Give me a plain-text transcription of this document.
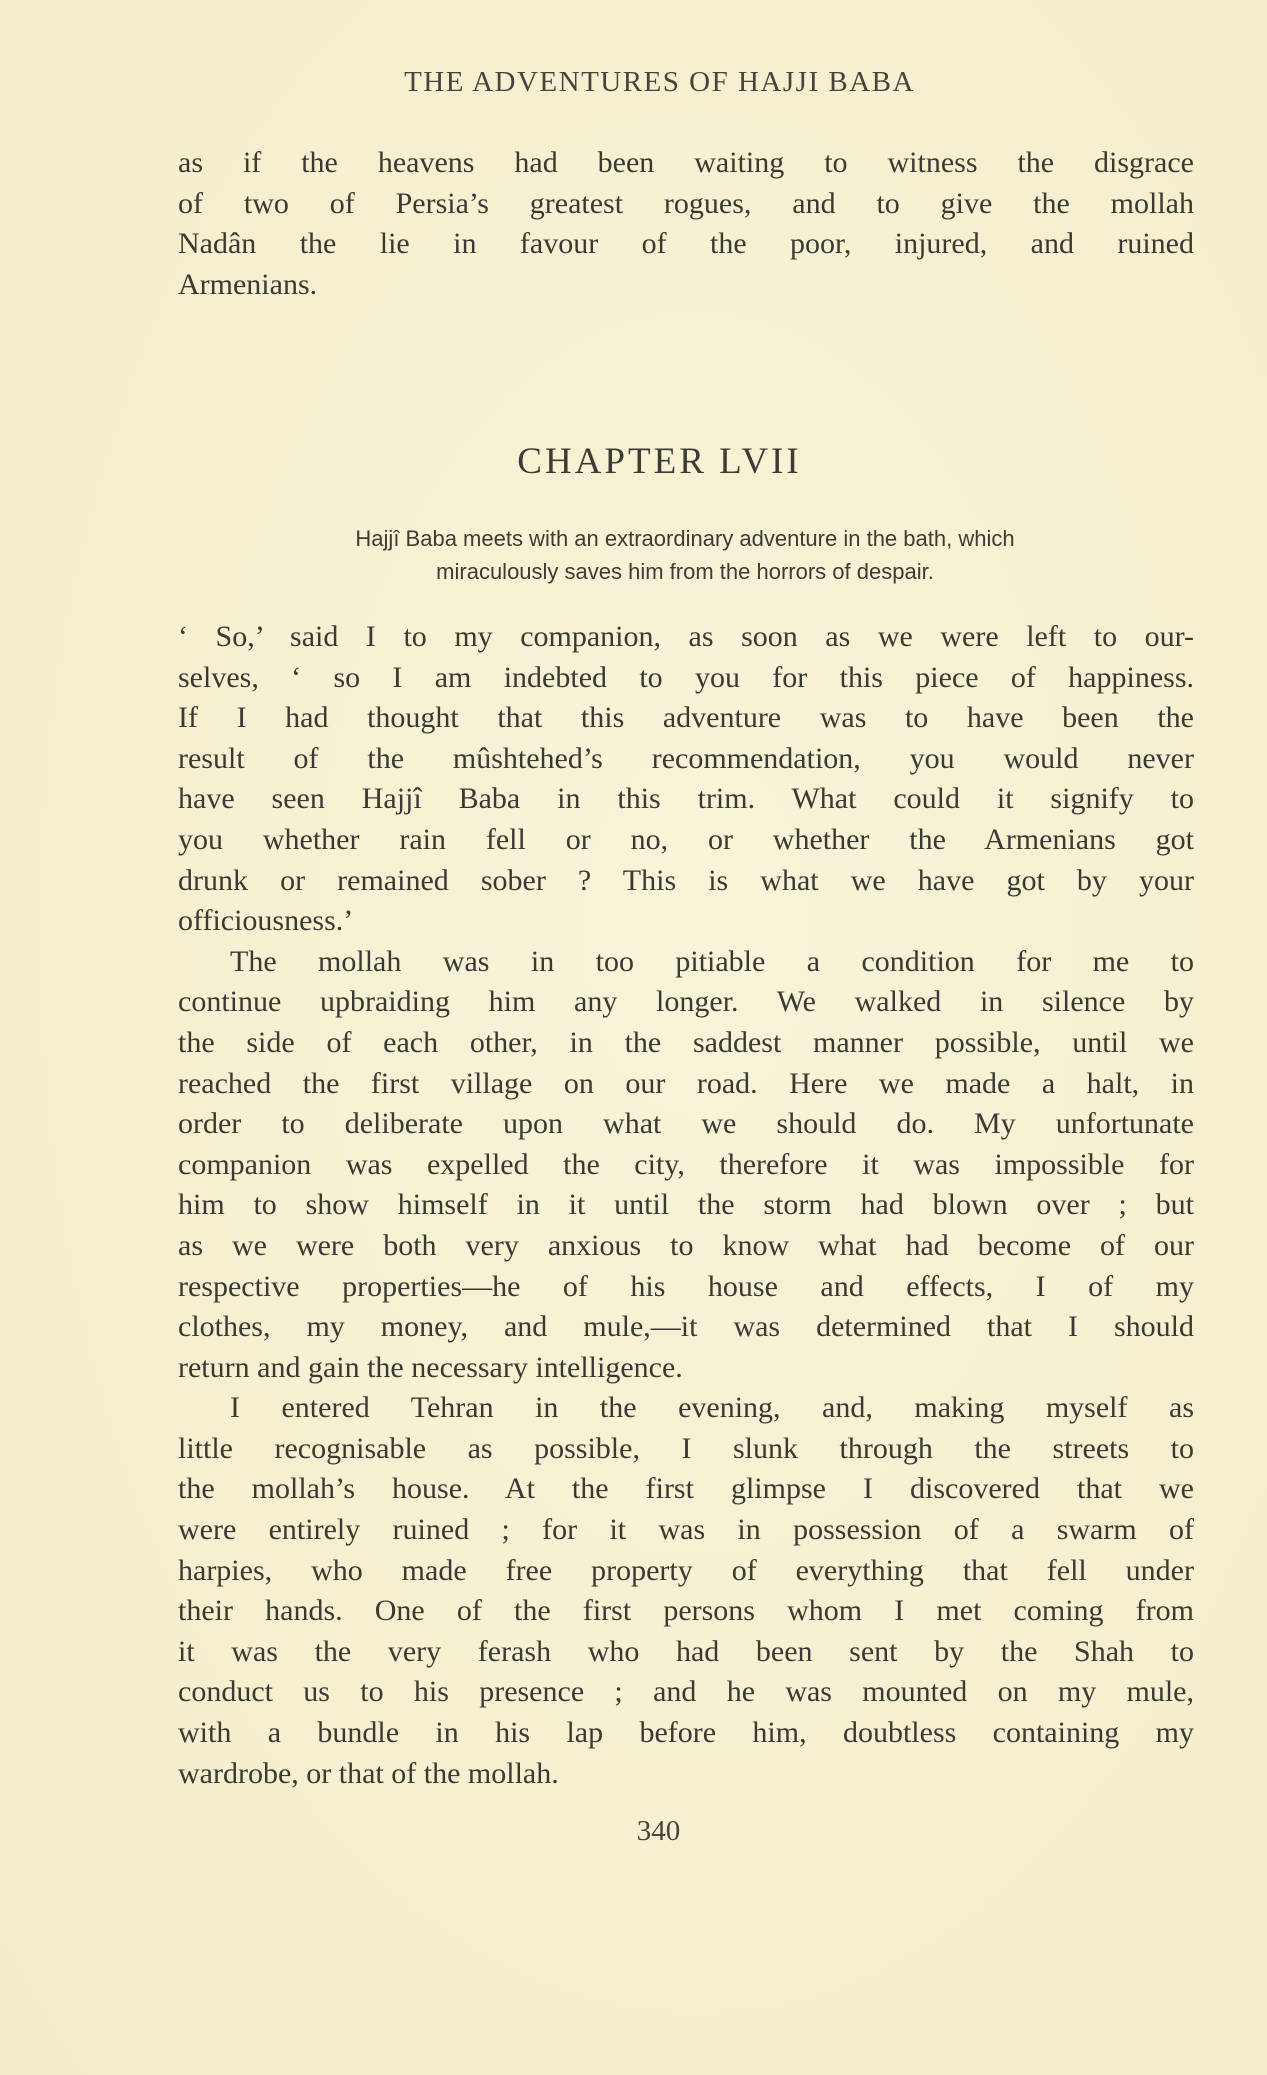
THE ADVENTURES OF HAJJI BABA
as if the heavens had been waiting to witness the disgrace
of two of Persia’s greatest rogues, and to give the mollah
Nadân the lie in favour of the poor, injured, and ruined
Armenians.
CHAPTER LVII
Hajjî Baba meets with an extraordinary adventure in the bath, which
miraculously saves him from the horrors of despair.
‘ So,’ said I to my companion, as soon as we were left to our-
selves, ‘ so I am indebted to you for this piece of happiness.
If I had thought that this adventure was to have been the
result of the mûshtehed’s recommendation, you would never
have seen Hajjî Baba in this trim. What could it signify to
you whether rain fell or no, or whether the Armenians got
drunk or remained sober ? This is what we have got by your
officiousness.’
The mollah was in too pitiable a condition for me to
continue upbraiding him any longer. We walked in silence by
the side of each other, in the saddest manner possible, until we
reached the first village on our road. Here we made a halt, in
order to deliberate upon what we should do. My unfortunate
companion was expelled the city, therefore it was impossible for
him to show himself in it until the storm had blown over ; but
as we were both very anxious to know what had become of our
respective properties—he of his house and effects, I of my
clothes, my money, and mule,—it was determined that I should
return and gain the necessary intelligence.
I entered Tehran in the evening, and, making myself as
little recognisable as possible, I slunk through the streets to
the mollah’s house. At the first glimpse I discovered that we
were entirely ruined ; for it was in possession of a swarm of
harpies, who made free property of everything that fell under
their hands. One of the first persons whom I met coming from
it was the very ferash who had been sent by the Shah to
conduct us to his presence ; and he was mounted on my mule,
with a bundle in his lap before him, doubtless containing my
wardrobe, or that of the mollah.
340
